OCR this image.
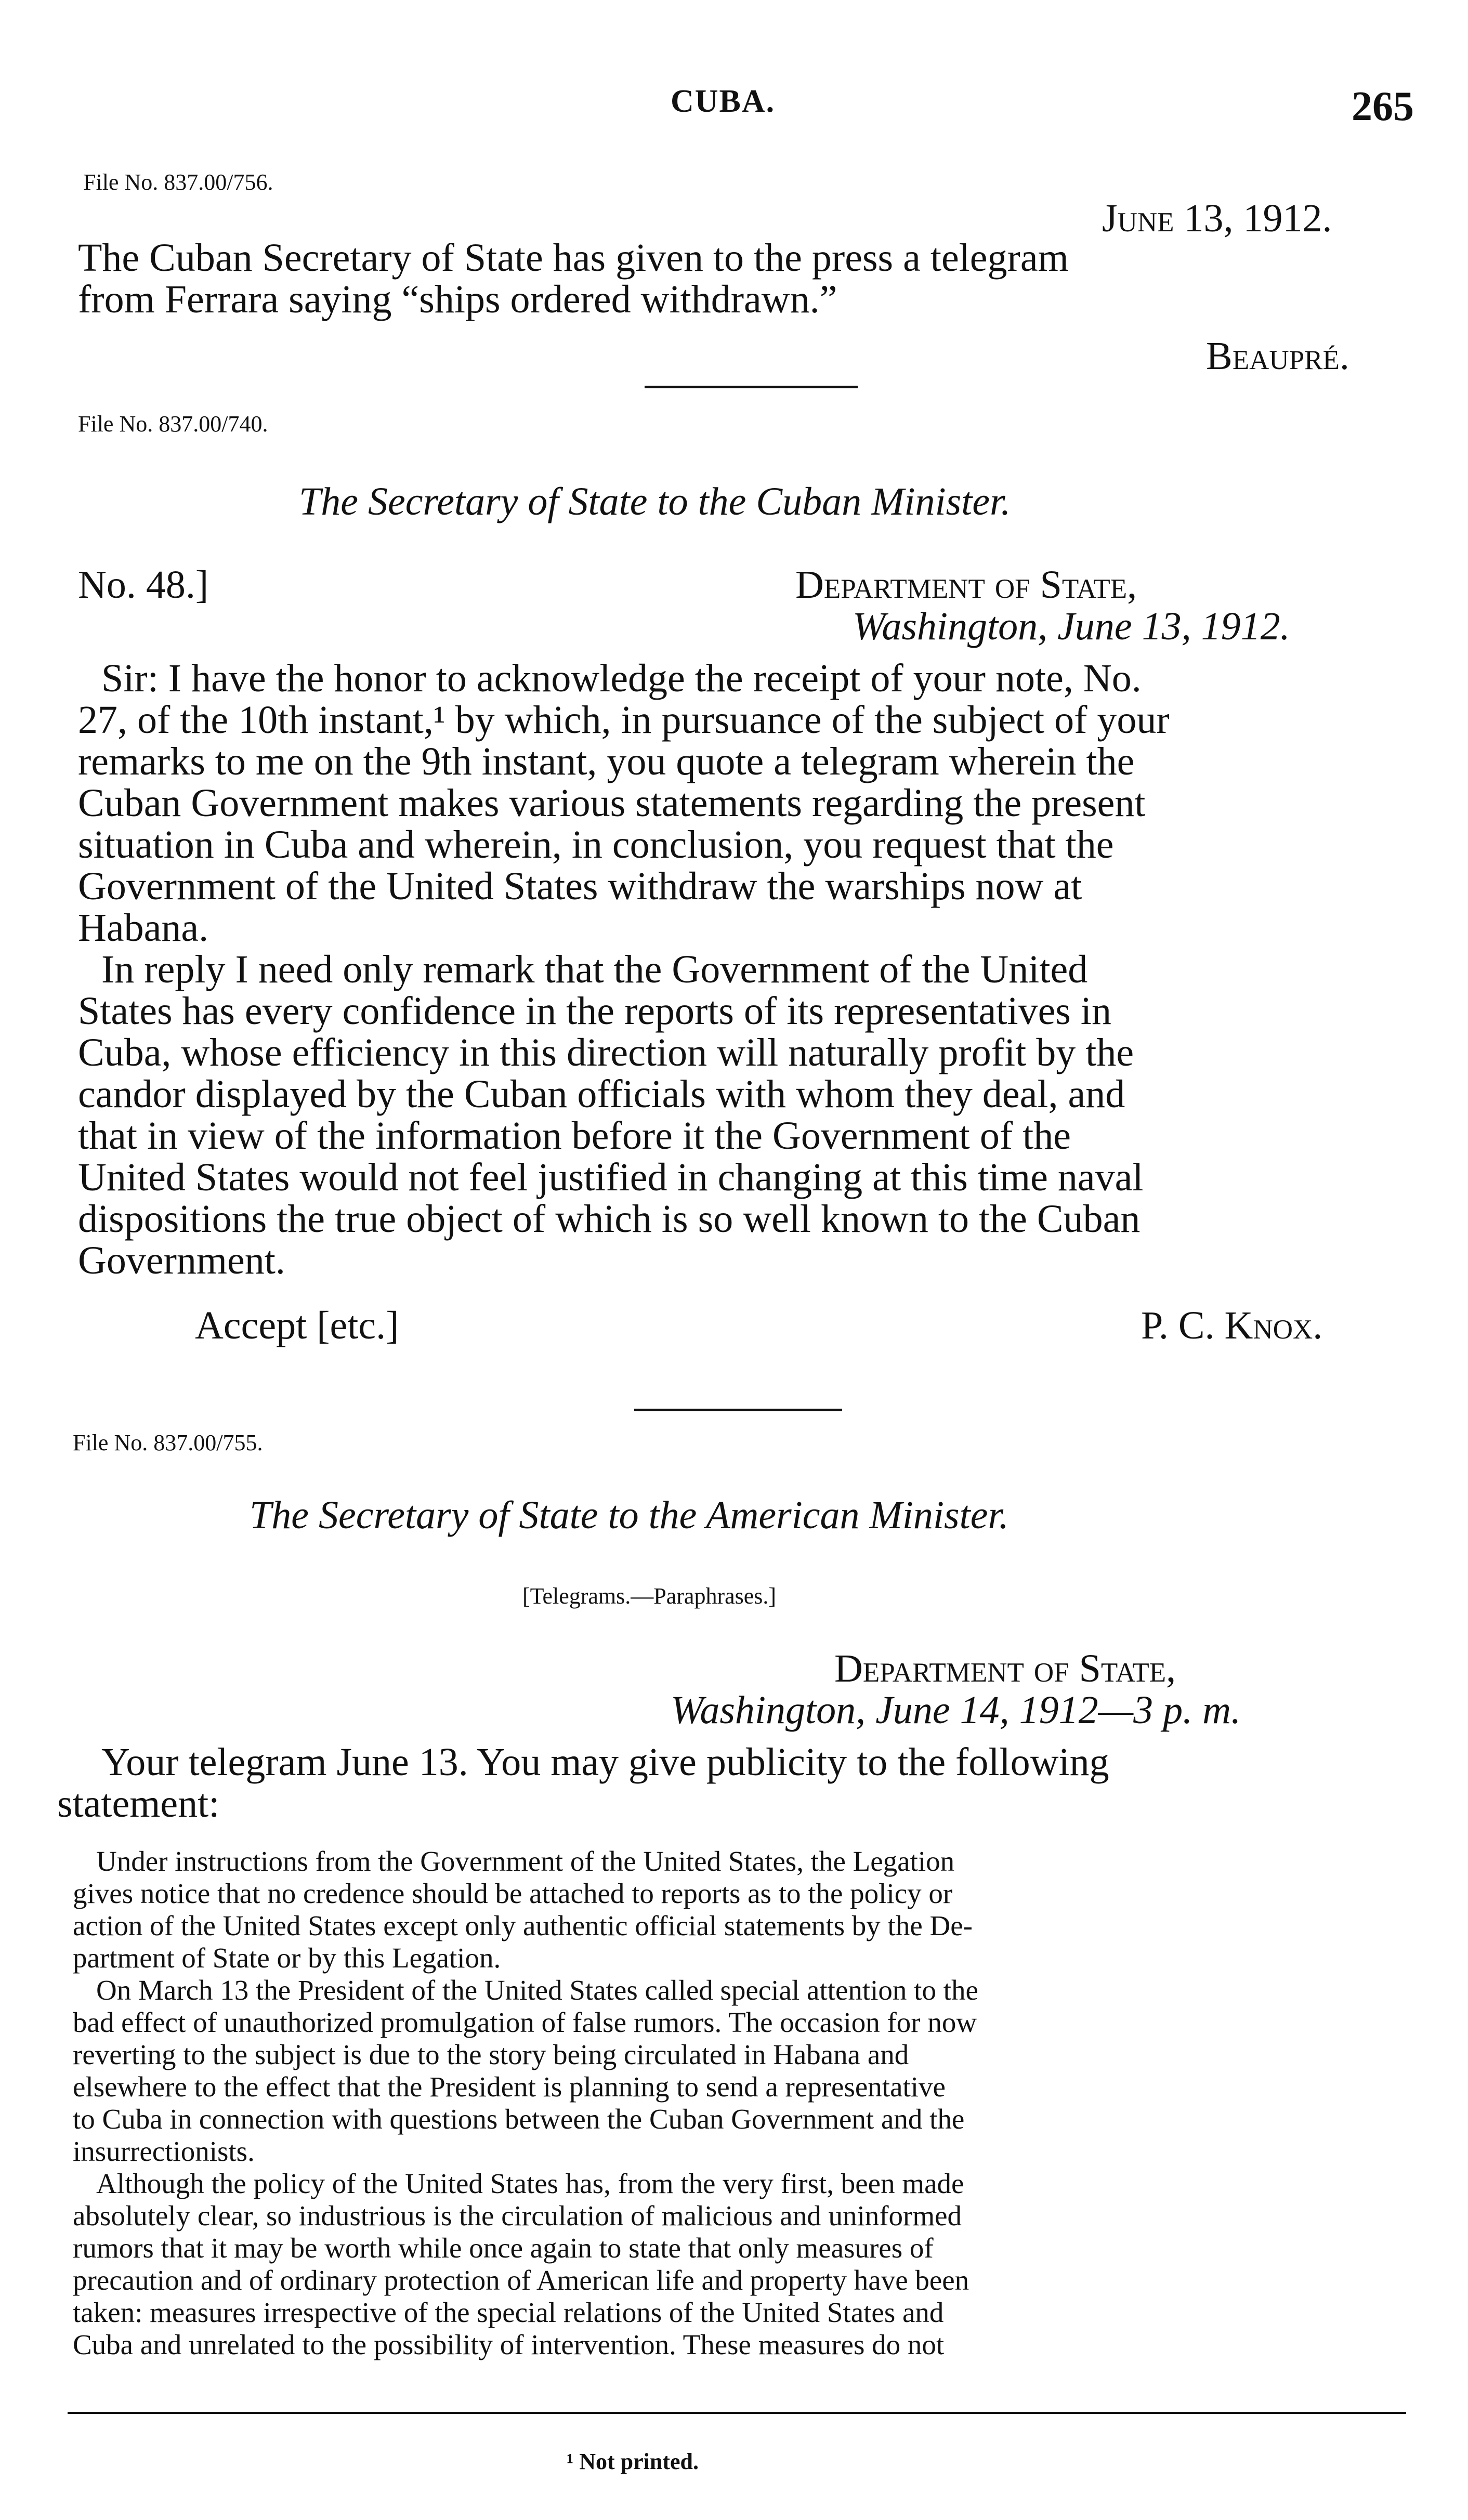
CUBA.	265
File No. 837.00/756.
June 13, 1912.
The Cuban Secretary of State has given to the press a telegram
from Ferrara saying “ships ordered withdrawn.”
Beaupré.
File No. 837.00/740.
The Secretary of State to the Cuban Minister.
No. 48.]	Department of State,
Washington, June 13, 1912.
Sir: I have the honor to acknowledge the receipt of your note, No.
27, of the 10th instant,¹ by which, in pursuance of the subject of your
remarks to me on the 9th instant, you quote a telegram wherein the
Cuban Government makes various statements regarding the present
situation in Cuba and wherein, in conclusion, you request that the
Government of the United States withdraw the warships now at
Habana.
In reply I need only remark that the Government of the United
States has every confidence in the reports of its representatives in
Cuba, whose efficiency in this direction will naturally profit by the
candor displayed by the Cuban officials with whom they deal, and
that in view of the information before it the Government of the
United States would not feel justified in changing at this time naval
dispositions the true object of which is so well known to the Cuban
Government.
Accept [etc.]	P. C. Knox.
File No. 837.00/755.
The Secretary of State to the American Minister.
[Telegrams.—Paraphrases.]
Department of State,
Washington, June 14, 1912—3 p. m.
Your telegram June 13. You may give publicity to the following
statement:
Under instructions from the Government of the United States, the Legation
gives notice that no credence should be attached to reports as to the policy or
action of the United States except only authentic official statements by the De-
partment of State or by this Legation.
On March 13 the President of the United States called special attention to the
bad effect of unauthorized promulgation of false rumors. The occasion for now
reverting to the subject is due to the story being circulated in Habana and
elsewhere to the effect that the President is planning to send a representative
to Cuba in connection with questions between the Cuban Government and the
insurrectionists.
Although the policy of the United States has, from the very first, been made
absolutely clear, so industrious is the circulation of malicious and uninformed
rumors that it may be worth while once again to state that only measures of
precaution and of ordinary protection of American life and property have been
taken: measures irrespective of the special relations of the United States and
Cuba and unrelated to the possibility of intervention. These measures do not
¹ Not printed.
